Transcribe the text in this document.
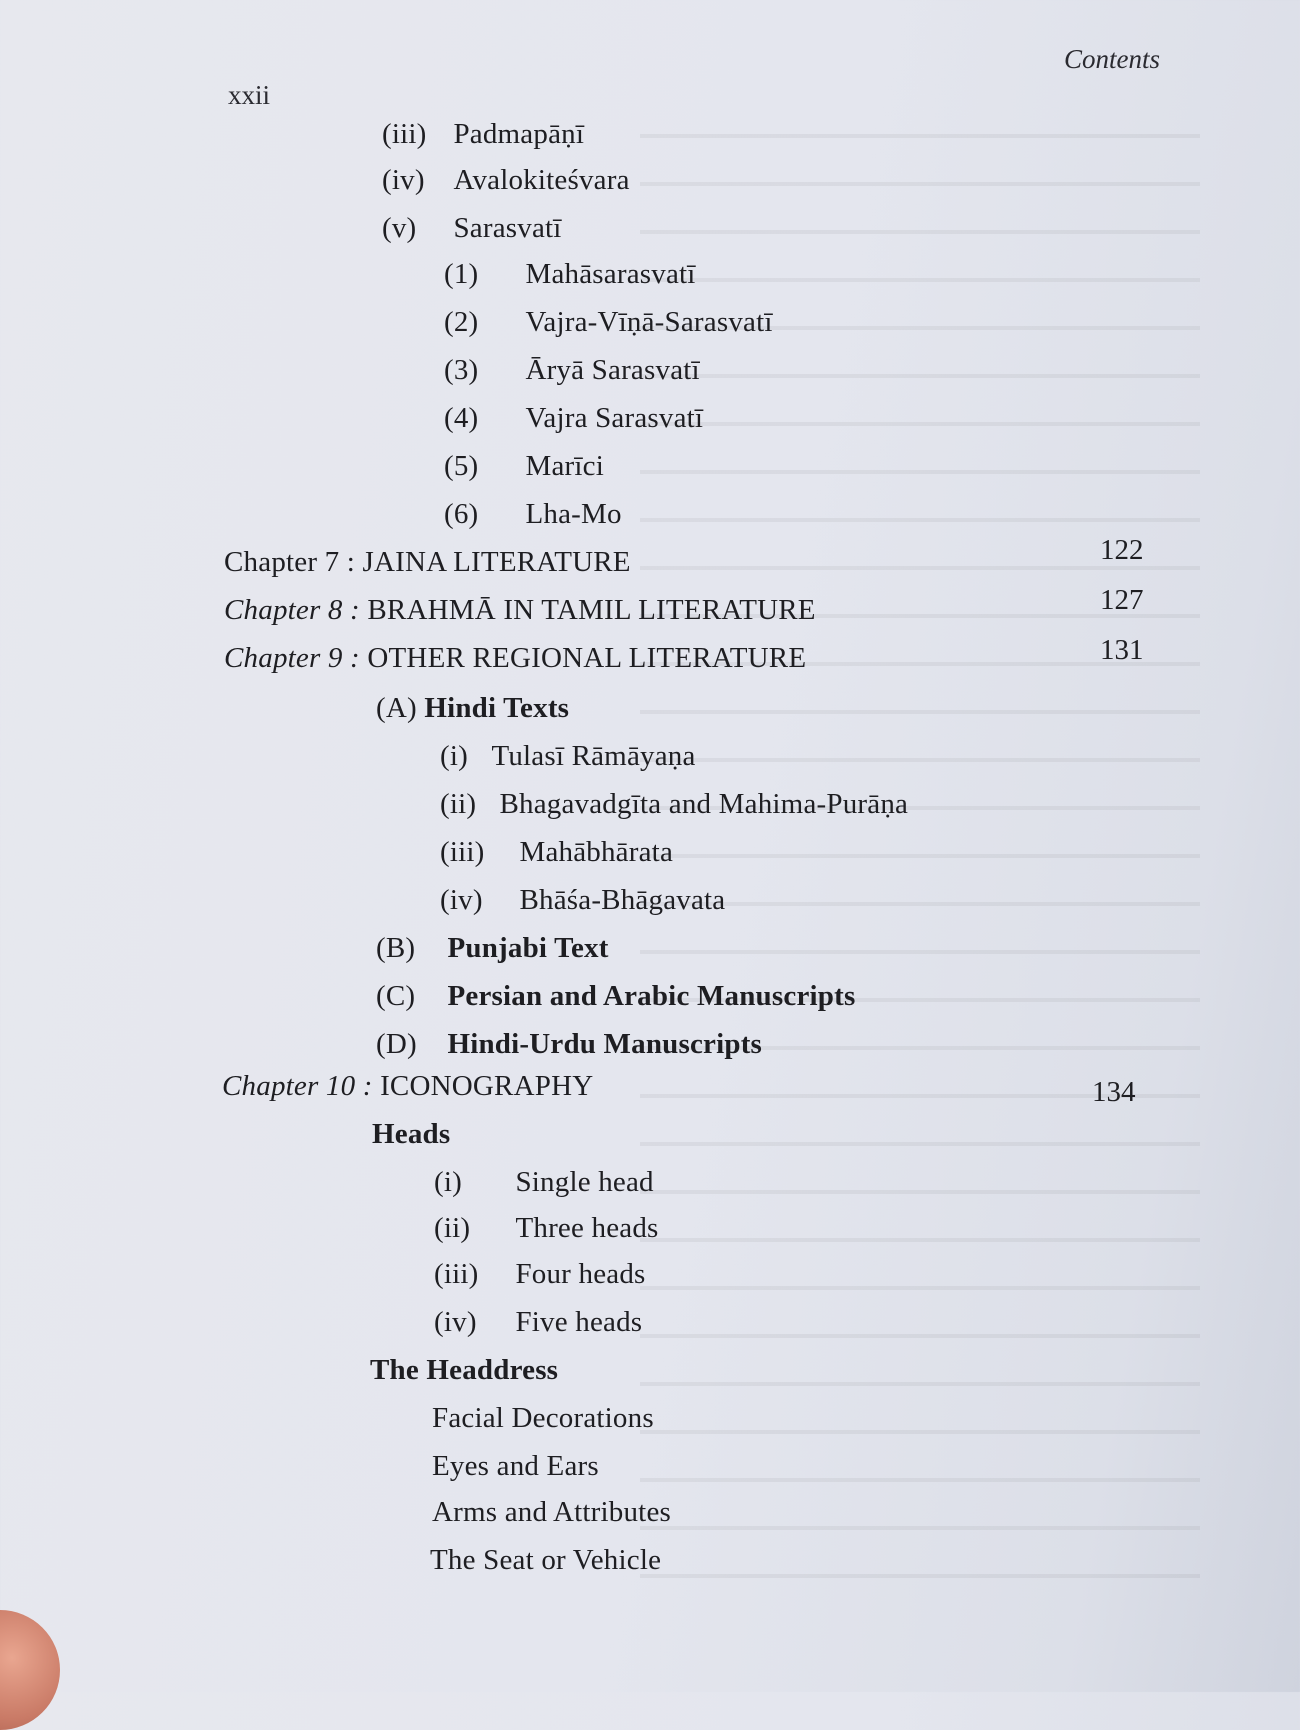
Contents
xxii
(iii) Padmapāṇī
(iv) Avalokiteśvara
(v) Sarasvatī
(1) Mahāsarasvatī
(2) Vajra-Vīṇā-Sarasvatī
(3) Āryā Sarasvatī
(4) Vajra Sarasvatī
(5) Marīci
(6) Lha-Mo
Chapter 7 : JAINA LITERATURE	122
Chapter 8 : BRAHMĀ IN TAMIL LITERATURE	127
Chapter 9 : OTHER REGIONAL LITERATURE	131
(A) Hindi Texts
(i) Tulasī Rāmāyaṇa
(ii) Bhagavadgīta and Mahima-Purāṇa
(iii) Mahābhārata
(iv) Bhāśa-Bhāgavata
(B) Punjabi Text
(C) Persian and Arabic Manuscripts
(D) Hindi-Urdu Manuscripts
Chapter 10 : ICONOGRAPHY	134
Heads
(i) Single head
(ii) Three heads
(iii) Four heads
(iv) Five heads
The Headdress
Facial Decorations
Eyes and Ears
Arms and Attributes
The Seat or Vehicle
